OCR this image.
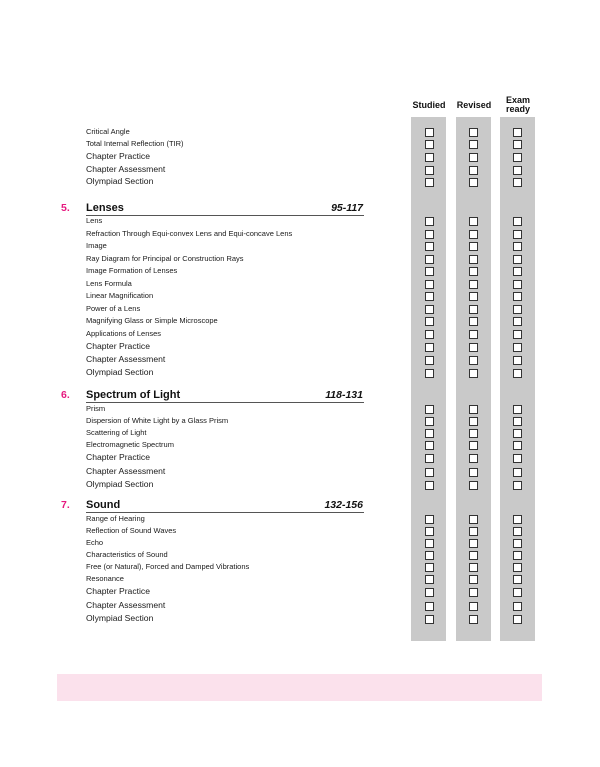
Studied	Revised	Exam
ready
Critical Angle
Total Internal Reflection (TIR)
Chapter Practice
Chapter Assessment
Olympiad Section
5. Lenses	95-117
Lens
Refraction Through Equi-convex Lens and Equi-concave Lens
Image
Ray Diagram for Principal or Construction Rays
Image Formation of Lenses
Lens Formula
Linear Magnification
Power of a Lens
Magnifying Glass or Simple Microscope
Applications of Lenses
Chapter Practice
Chapter Assessment
Olympiad Section
6. Spectrum of Light	118-131
Prism
Dispersion of White Light by a Glass Prism
Scattering of Light
Electromagnetic Spectrum
Chapter Practice
Chapter Assessment
Olympiad Section
7. Sound	132-156
Range of Hearing
Reflection of Sound Waves
Echo
Characteristics of Sound
Free (or Natural), Forced and Damped Vibrations
Resonance
Chapter Practice
Chapter Assessment
Olympiad Section
